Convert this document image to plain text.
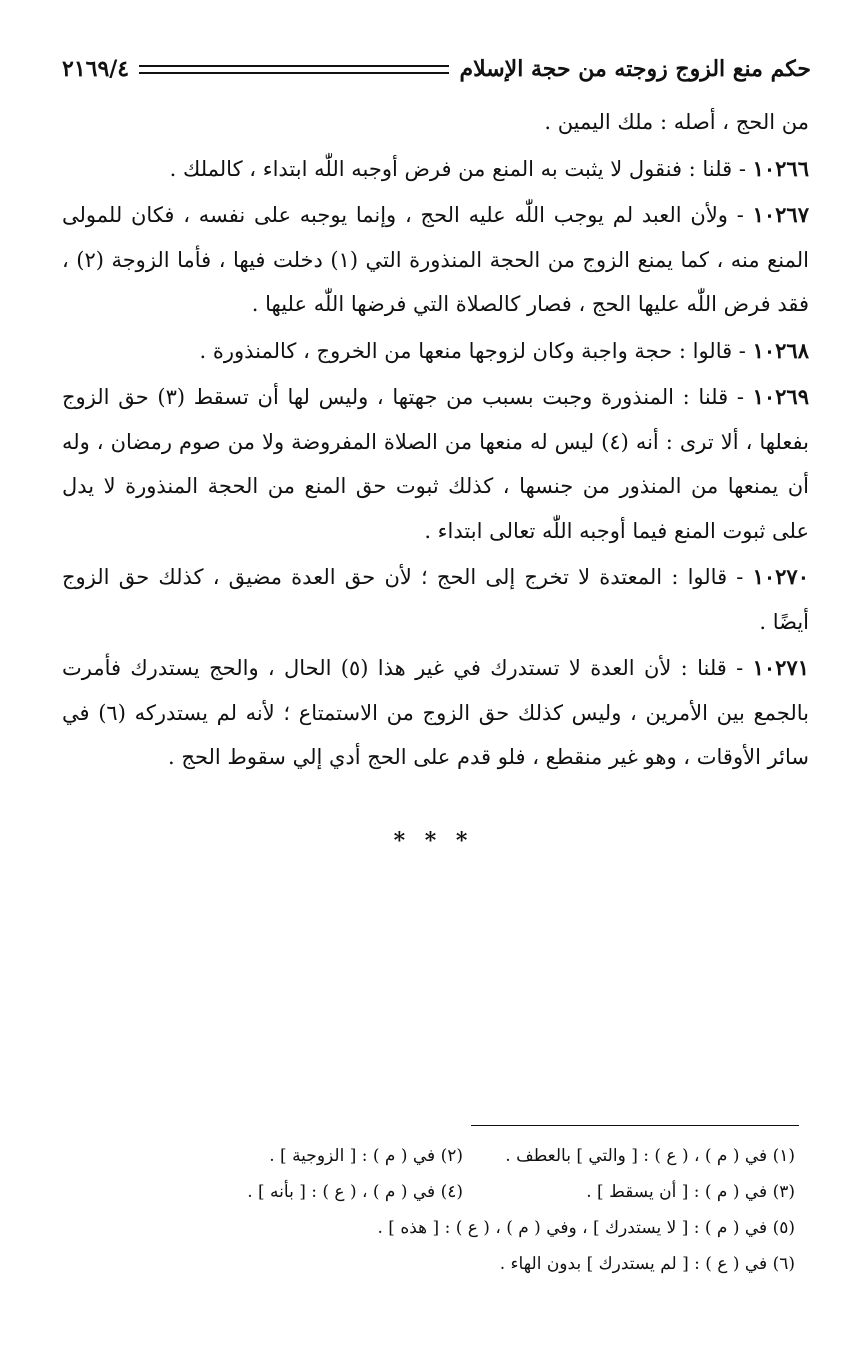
حكم منع الزوج زوجته من حجة الإسلام
٢١٦٩/٤

من الحج ، أصله : ملك اليمين .

١٠٢٦٦ - قلنا : فنقول لا يثبت به المنع من فرض أوجبه اللّٰه ابتداء ، كالملك .

١٠٢٦٧ - ولأن العبد لم يوجب اللّٰه عليه الحج ، وإنما يوجبه على نفسه ، فكان للمولى المنع منه ، كما يمنع الزوج من الحجة المنذورة التي (١) دخلت فيها ، فأما الزوجة (٢) ، فقد فرض اللّٰه عليها الحج ، فصار كالصلاة التي فرضها اللّٰه عليها .

١٠٢٦٨ - قالوا : حجة واجبة وكان لزوجها منعها من الخروج ، كالمنذورة .

١٠٢٦٩ - قلنا : المنذورة وجبت بسبب من جهتها ، وليس لها أن تسقط (٣) حق الزوج بفعلها ، ألا ترى : أنه (٤) ليس له منعها من الصلاة المفروضة ولا من صوم رمضان ، وله أن يمنعها من المنذور من جنسها ، كذلك ثبوت حق المنع من الحجة المنذورة لا يدل على ثبوت المنع فيما أوجبه اللّٰه تعالى ابتداء .

١٠٢٧٠ - قالوا : المعتدة لا تخرج إلى الحج ؛ لأن حق العدة مضيق ، كذلك حق الزوج أيضًا .

١٠٢٧١ - قلنا : لأن العدة لا تستدرك في غير هذا (٥) الحال ، والحج يستدرك فأمرت بالجمع بين الأمرين ، وليس كذلك حق الزوج من الاستمتاع ؛ لأنه لم يستدركه (٦) في سائر الأوقات ، وهو غير منقطع ، فلو قدم على الحج أدي إلي سقوط الحج .

* * *
(١) في ( م ) ، ( ع ) : [ والتي ] بالعطف .
(٢) في ( م ) : [ الزوجية ] .
(٣) في ( م ) : [ أن يسقط ] .
(٤) في ( م ) ، ( ع ) : [ بأنه ] .
(٥) في ( م ) : [ لا يستدرك ] ، وفي ( م ) ، ( ع ) : [ هذه ] .
(٦) في ( ع ) : [ لم يستدرك ] بدون الهاء .
